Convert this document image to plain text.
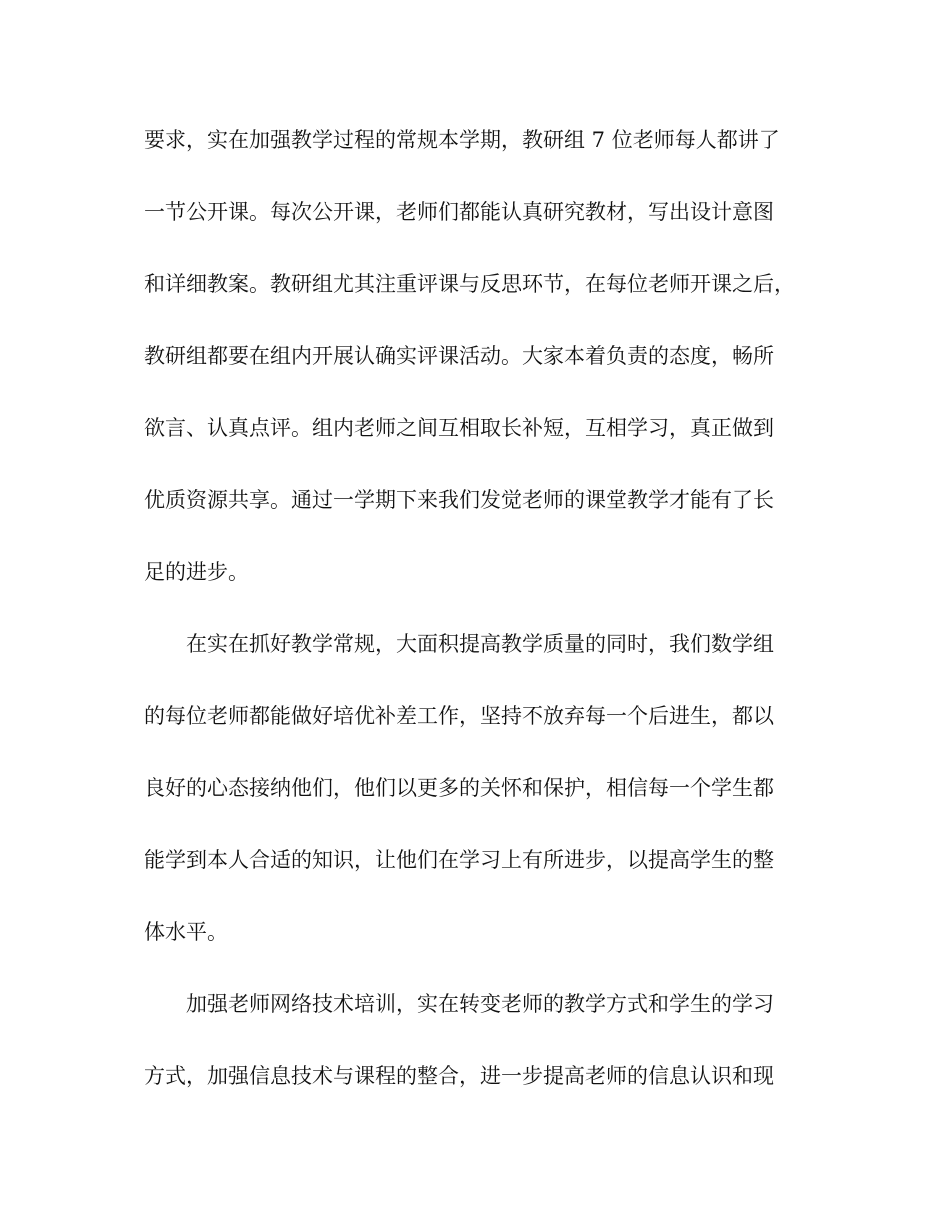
要求，实在加强教学过程的常规本学期，教研组 7 位老师每人都讲了
一节公开课。每次公开课，老师们都能认真研究教材，写出设计意图
和详细教案。教研组尤其注重评课与反思环节，在每位老师开课之后，
教研组都要在组内开展认确实评课活动。大家本着负责的态度，畅所
欲言、认真点评。组内老师之间互相取长补短，互相学习，真正做到
优质资源共享。通过一学期下来我们发觉老师的课堂教学才能有了长
足的进步。
在实在抓好教学常规，大面积提高教学质量的同时，我们数学组
的每位老师都能做好培优补差工作，坚持不放弃每一个后进生，都以
良好的心态接纳他们，他们以更多的关怀和保护，相信每一个学生都
能学到本人合适的知识，让他们在学习上有所进步，以提高学生的整
体水平。
加强老师网络技术培训，实在转变老师的教学方式和学生的学习
方式，加强信息技术与课程的整合，进一步提高老师的信息认识和现
